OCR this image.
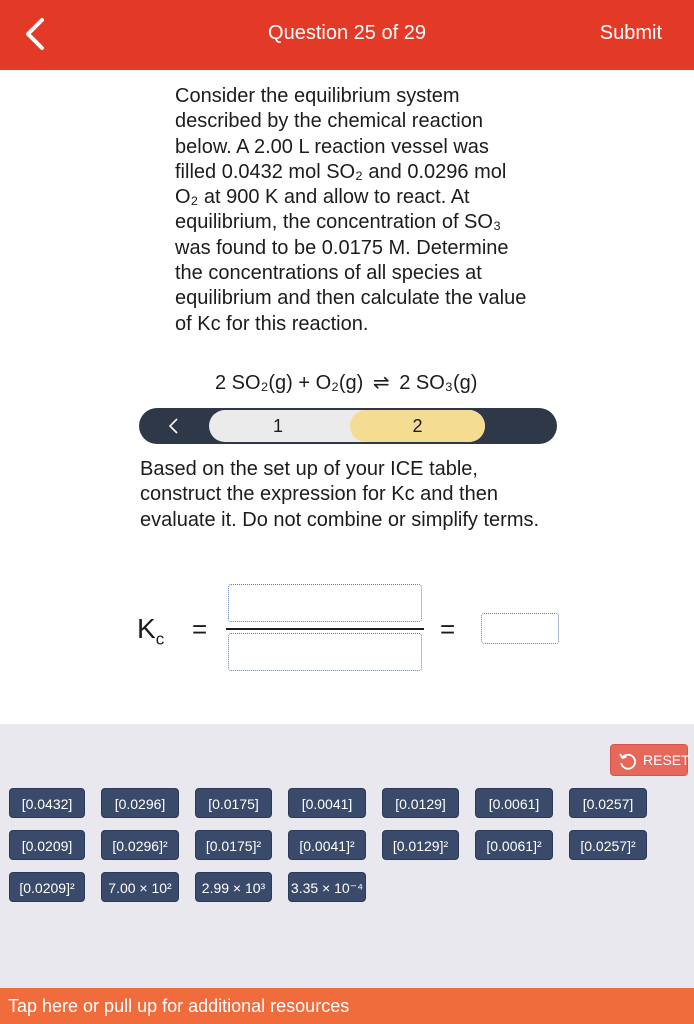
Question 25 of 29	Submit
Consider the equilibrium system described by the chemical reaction below. A 2.00 L reaction vessel was filled 0.0432 mol SO₂ and 0.0296 mol O₂ at 900 K and allow to react. At equilibrium, the concentration of SO₃ was found to be 0.0175 M. Determine the concentrations of all species at equilibrium and then calculate the value of Kc for this reaction.
2 SO₂(g) + O₂(g) ⇌ 2 SO₃(g)
1	2
Based on the set up of your ICE table, construct the expression for Kc and then evaluate it. Do not combine or simplify terms.
$K_c$ =	=
RESET
[0.0432]	[0.0296]	[0.0175]	[0.0041]	[0.0129]	[0.0061]	[0.0257]
[0.0209]	[0.0296]²	[0.0175]²	[0.0041]²	[0.0129]²	[0.0061]²	[0.0257]²
[0.0209]²	7.00 × 10²	2.99 × 10³	3.35 × 10⁻⁴
Tap here or pull up for additional resources
